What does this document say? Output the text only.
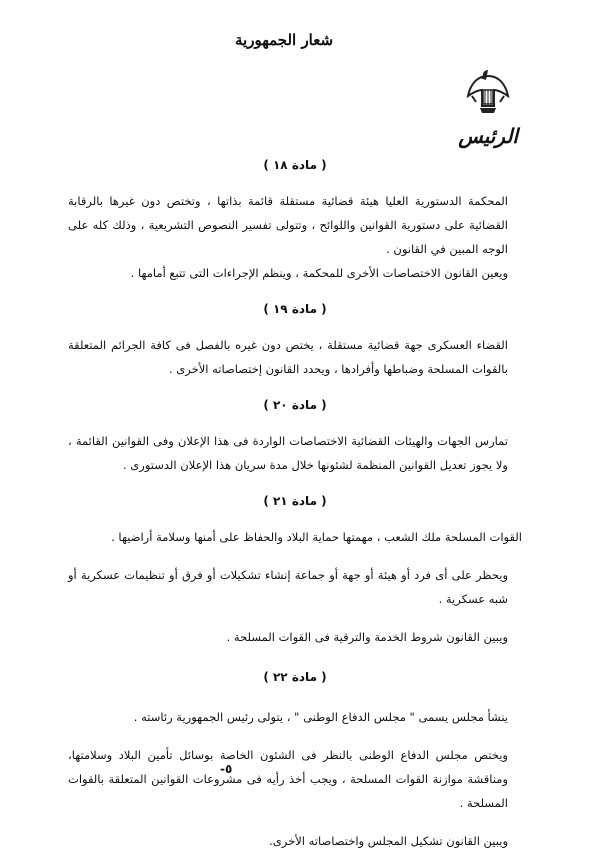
شعار الجمهورية
الرئيس
( مادة ١٨ )

المحكمة الدستورية العليا هيئة قضائية مستقلة قائمة بذاتها ، وتختص دون غيرها بالرقابة القضائية على دستورية القوانين واللوائح ، وتتولى تفسير النصوص التشريعية ، وذلك كله على الوجه المبين في القانون .

ويعين القانون الاختصاصات الأخرى للمحكمة ، وينظم الإجراءات التى تتبع أمامها .

( مادة ١٩ )

القضاء العسكرى جهة قضائية مستقلة ، يختص دون غيره بالفصل فى كافة الجرائم المتعلقة بالقوات المسلحة وضباطها وأفرادها ، ويحدد القانون إختصاصاته الأخرى .

( مادة ٢٠ )

تمارس الجهات والهيئات القضائية الاختصاصات الواردة فى هذا الإعلان وفى القوانين القائمة ، ولا يجوز تعديل القوانين المنظمة لشئونها خلال مدة سريان هذا الإعلان الدستورى .

( مادة ٢١ )

القوات المسلحة ملك الشعب ، مهمتها حماية البلاد والحفاظ على أمنها وسلامة أراضيها .

ويحظر على أى فرد أو هيئة أو جهة أو جماعة إنشاء تشكيلات أو فرق أو تنظيمات عسكرية أو شبه عسكرية .

ويبين القانون شروط الخدمة والترقية فى القوات المسلحة .

( مادة ٢٢ )

ينشأ مجلس يسمى " مجلس الدفاع الوطنى " ، يتولى رئيس الجمهورية رئاسته .

ويختص مجلس الدفاع الوطنى بالنظر فى الشئون الخاصة بوسائل تأمين البلاد وسلامتها، ومناقشة موازنة القوات المسلحة ، ويجب أخذ رأيه فى مشروعات القوانين المتعلقة بالقوات المسلحة .

ويبين القانون تشكيل المجلس واختصاصاته الأخرى.

-٥
